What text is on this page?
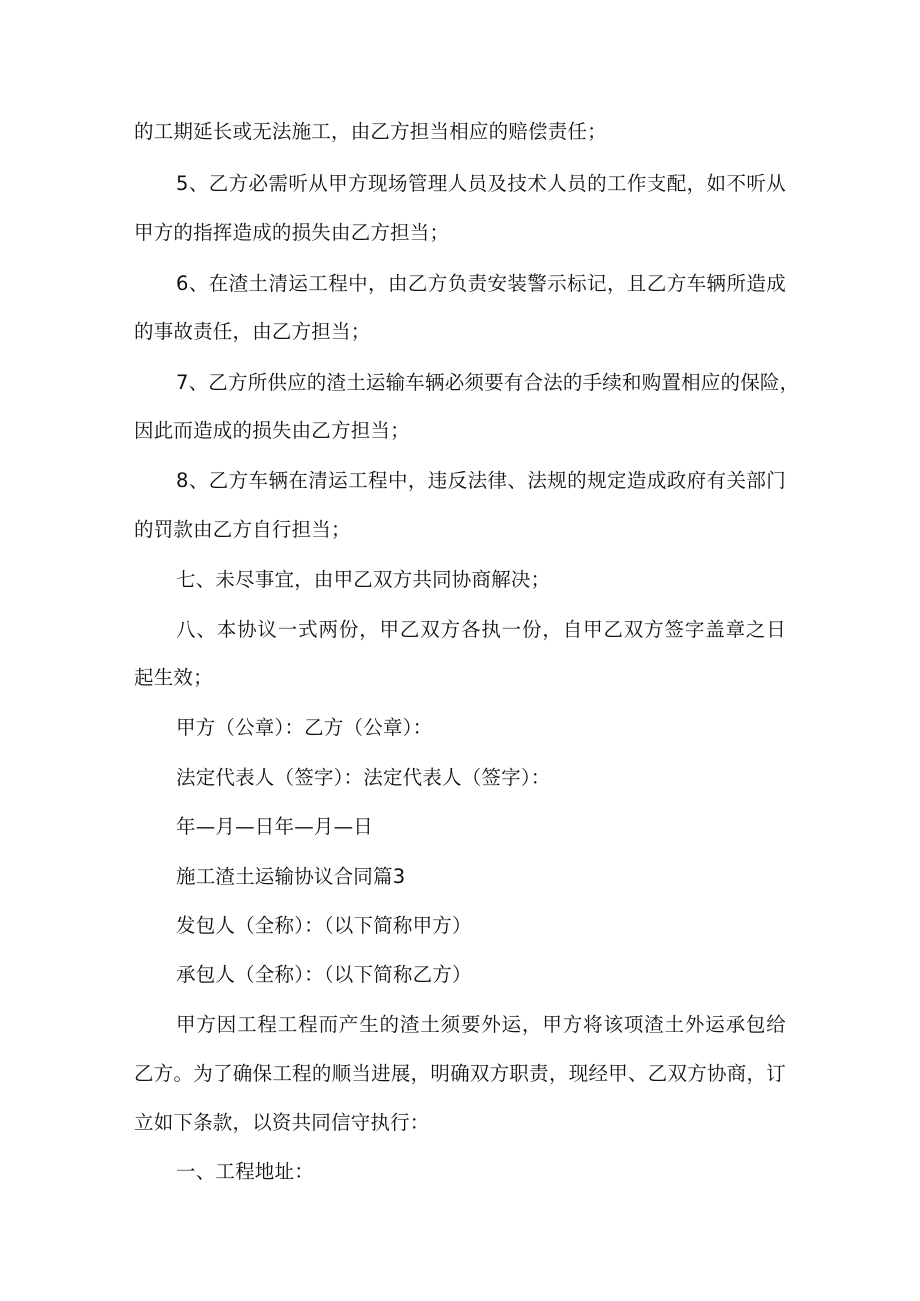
的工期延长或无法施工，由乙方担当相应的赔偿责任；
5、乙方必需听从甲方现场管理人员及技术人员的工作支配，如不听从
甲方的指挥造成的损失由乙方担当；
6、在渣土清运工程中，由乙方负责安装警示标记，且乙方车辆所造成
的事故责任，由乙方担当；
7、乙方所供应的渣土运输车辆必须要有合法的手续和购置相应的保险，
因此而造成的损失由乙方担当；
8、乙方车辆在清运工程中，违反法律、法规的规定造成政府有关部门
的罚款由乙方自行担当；
七、未尽事宜，由甲乙双方共同协商解决；
八、本协议一式两份，甲乙双方各执一份，自甲乙双方签字盖章之日
起生效；
甲方（公章）：乙方（公章）：
法定代表人（签字）：法定代表人（签字）：
年—月—日年—月—日
施工渣土运输协议合同篇3
发包人（全称）：（以下简称甲方）
承包人（全称）：（以下简称乙方）
甲方因工程工程而产生的渣土须要外运，甲方将该项渣土外运承包给
乙方。为了确保工程的顺当进展，明确双方职责，现经甲、乙双方协商，订
立如下条款，以资共同信守执行：
一、工程地址：
